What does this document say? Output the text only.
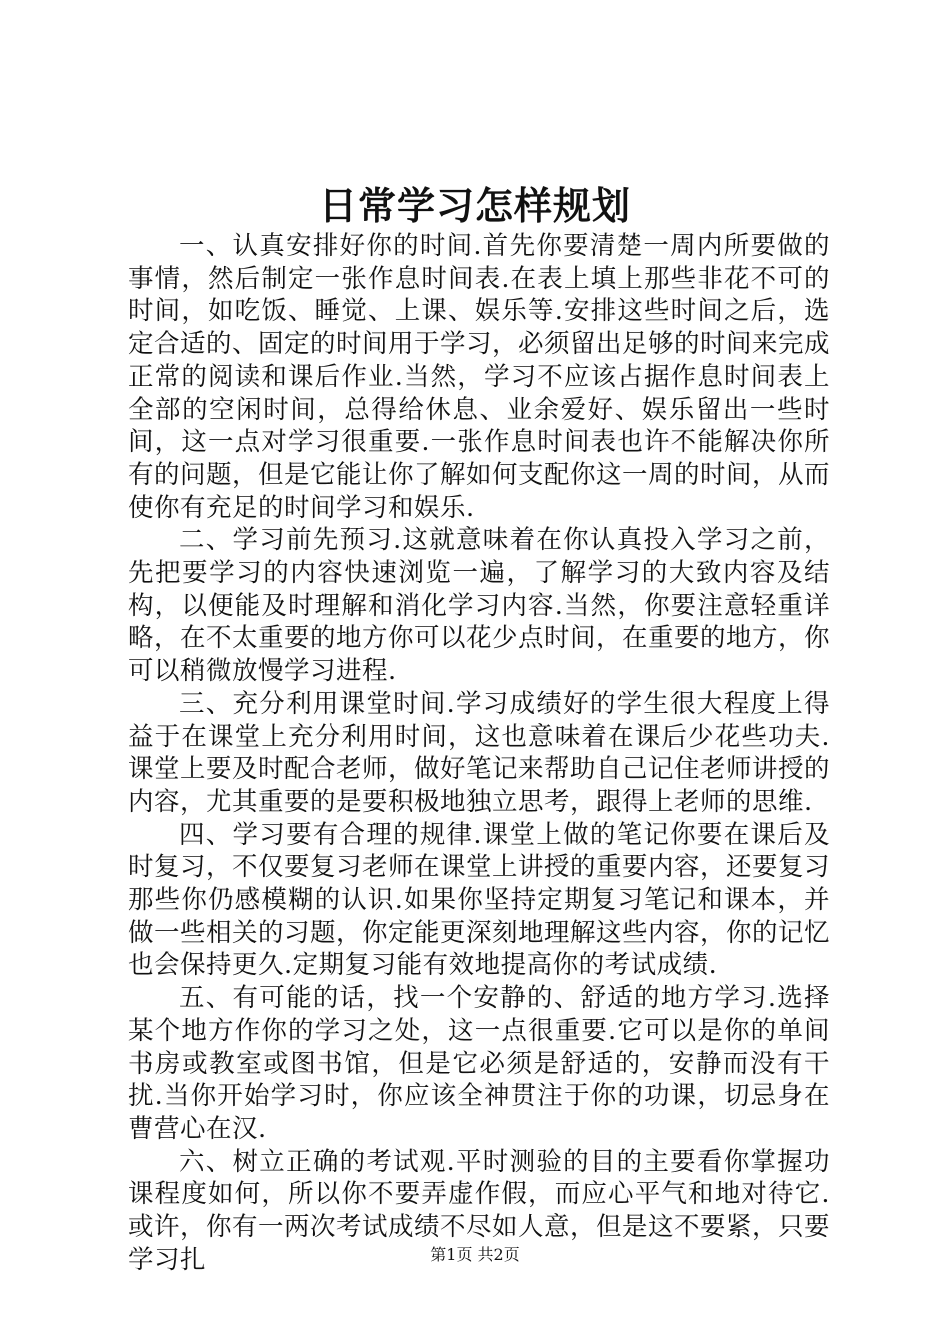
日常学习怎样规划

一、认真安排好你的时间.首先你要清楚一周内所要做的事情，然后制定一张作息时间表.在表上填上那些非花不可的时间，如吃饭、睡觉、上课、娱乐等.安排这些时间之后，选定合适的、固定的时间用于学习，必须留出足够的时间来完成正常的阅读和课后作业.当然，学习不应该占据作息时间表上全部的空闲时间，总得给休息、业余爱好、娱乐留出一些时间，这一点对学习很重要.一张作息时间表也许不能解决你所有的问题，但是它能让你了解如何支配你这一周的时间，从而使你有充足的时间学习和娱乐.

二、学习前先预习.这就意味着在你认真投入学习之前，先把要学习的内容快速浏览一遍，了解学习的大致内容及结构，以便能及时理解和消化学习内容.当然，你要注意轻重详略，在不太重要的地方你可以花少点时间，在重要的地方，你可以稍微放慢学习进程.

三、充分利用课堂时间.学习成绩好的学生很大程度上得益于在课堂上充分利用时间，这也意味着在课后少花些功夫.课堂上要及时配合老师，做好笔记来帮助自己记住老师讲授的内容，尤其重要的是要积极地独立思考，跟得上老师的思维.

四、学习要有合理的规律.课堂上做的笔记你要在课后及时复习，不仅要复习老师在课堂上讲授的重要内容，还要复习那些你仍感模糊的认识.如果你坚持定期复习笔记和课本，并做一些相关的习题，你定能更深刻地理解这些内容，你的记忆也会保持更久.定期复习能有效地提高你的考试成绩.

五、有可能的话，找一个安静的、舒适的地方学习.选择某个地方作你的学习之处，这一点很重要.它可以是你的单间书房或教室或图书馆，但是它必须是舒适的，安静而没有干扰.当你开始学习时，你应该全神贯注于你的功课，切忌身在曹营心在汉.

六、树立正确的考试观.平时测验的目的主要看你掌握功课程度如何，所以你不要弄虚作假，而应心平气和地对待它.或许，你有一两次考试成绩不尽如人意，但是这不要紧，只要学习扎	第1页 共2页
